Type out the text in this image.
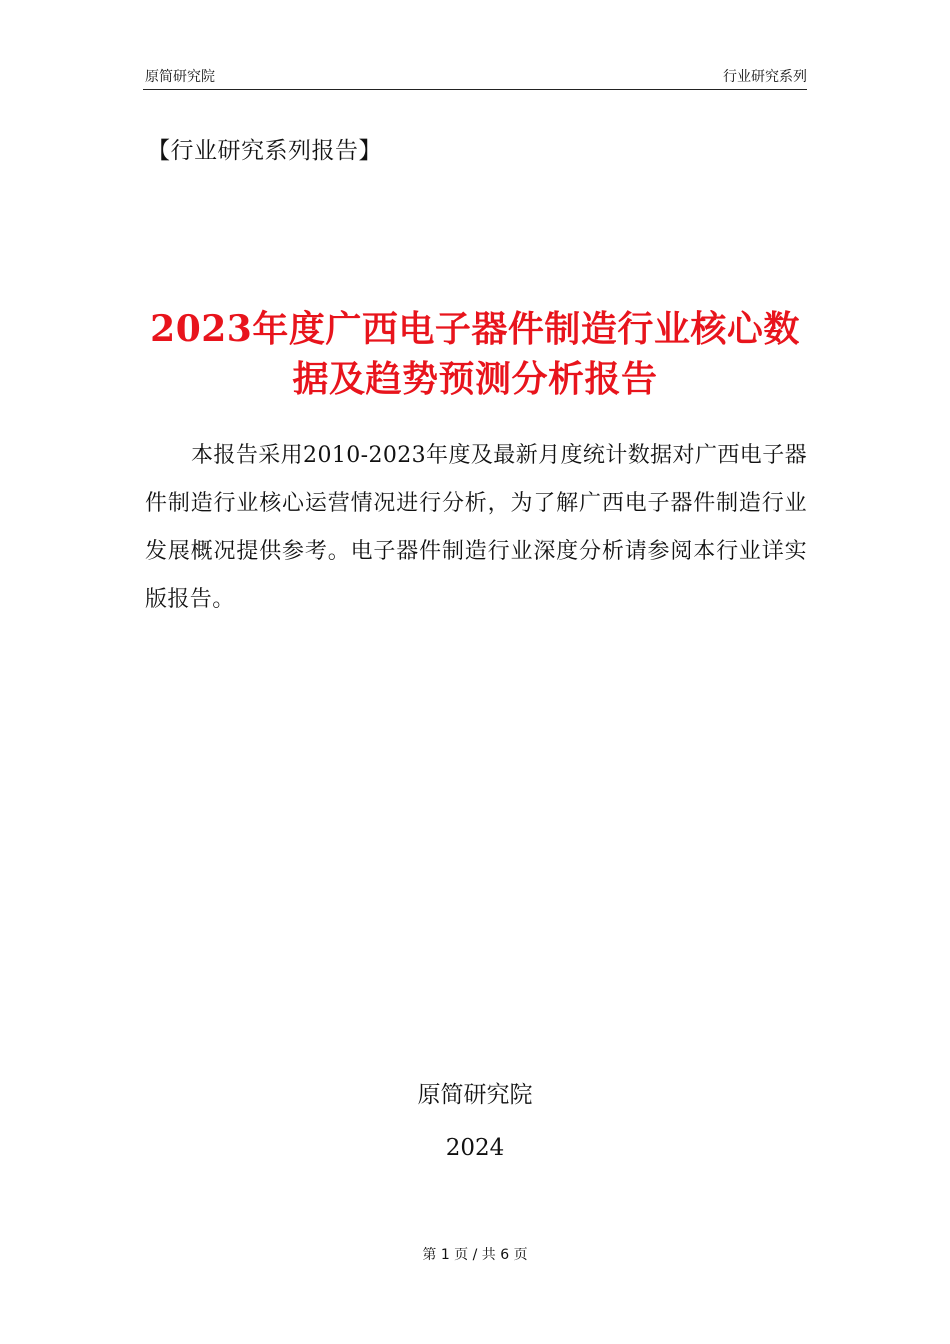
原简研究院	行业研究系列
【行业研究系列报告】
2023年度广西电子器件制造行业核心数据及趋势预测分析报告
本报告采用2010-2023年度及最新月度统计数据对广西电子器件制造行业核心运营情况进行分析，为了解广西电子器件制造行业发展概况提供参考。电子器件制造行业深度分析请参阅本行业详实版报告。
原简研究院
2024
第 1 页 / 共 6 页
